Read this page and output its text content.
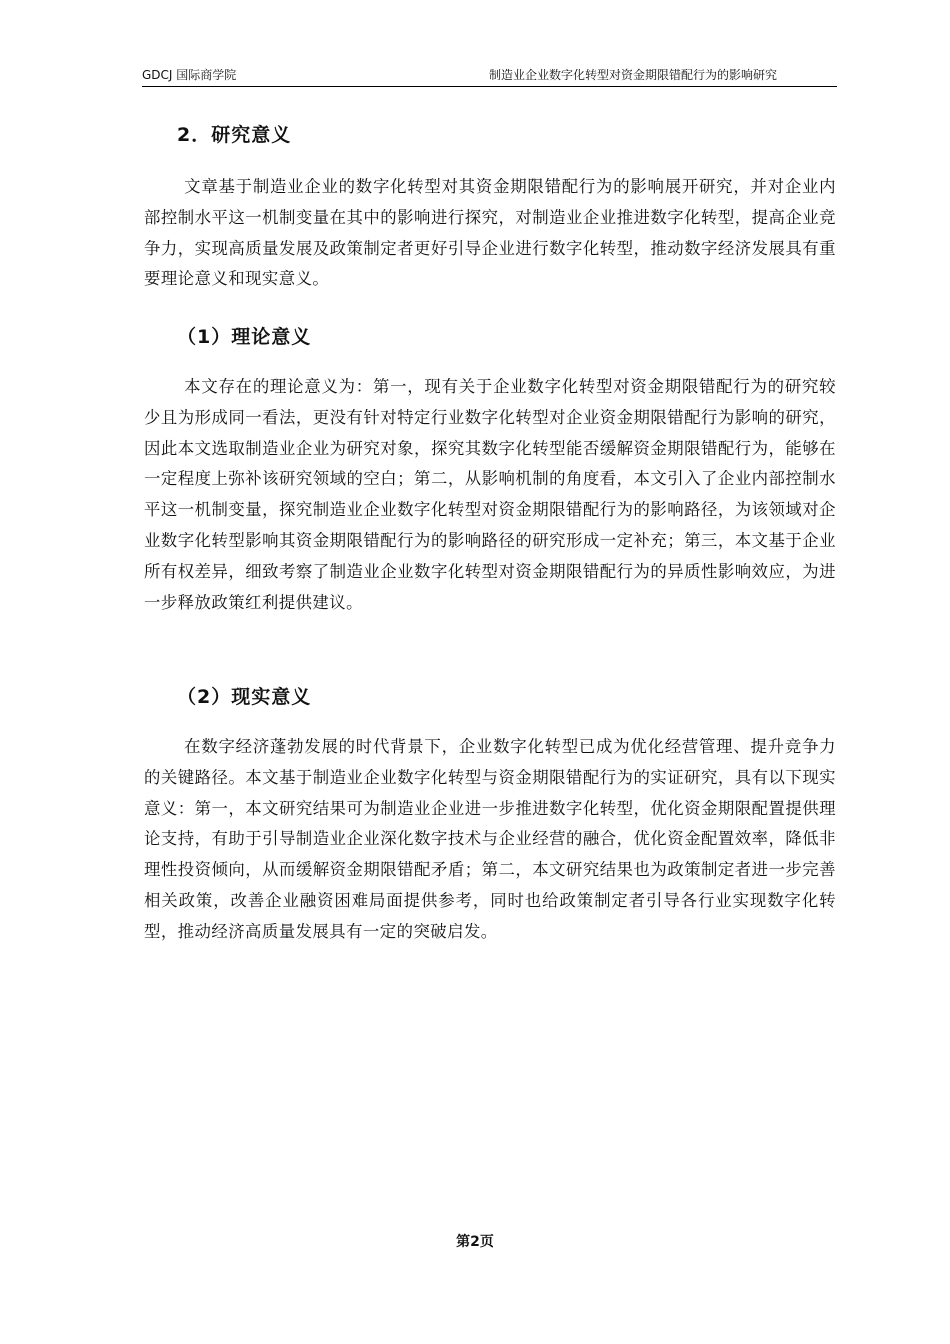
GDCJ 国际商学院	制造业企业数字化转型对资金期限错配行为的影响研究
2．研究意义

文章基于制造业企业的数字化转型对其资金期限错配行为的影响展开研究，并对企业内部控制水平这一机制变量在其中的影响进行探究，对制造业企业推进数字化转型，提高企业竞争力，实现高质量发展及政策制定者更好引导企业进行数字化转型，推动数字经济发展具有重要理论意义和现实意义。

（1）理论意义

本文存在的理论意义为：第一，现有关于企业数字化转型对资金期限错配行为的研究较少且为形成同一看法，更没有针对特定行业数字化转型对企业资金期限错配行为影响的研究，因此本文选取制造业企业为研究对象，探究其数字化转型能否缓解资金期限错配行为，能够在一定程度上弥补该研究领域的空白；第二，从影响机制的角度看，本文引入了企业内部控制水平这一机制变量，探究制造业企业数字化转型对资金期限错配行为的影响路径，为该领域对企业数字化转型影响其资金期限错配行为的影响路径的研究形成一定补充；第三，本文基于企业所有权差异，细致考察了制造业企业数字化转型对资金期限错配行为的异质性影响效应，为进一步释放政策红利提供建议。

（2）现实意义

在数字经济蓬勃发展的时代背景下，企业数字化转型已成为优化经营管理、提升竞争力的关键路径。本文基于制造业企业数字化转型与资金期限错配行为的实证研究，具有以下现实意义：第一，本文研究结果可为制造业企业进一步推进数字化转型，优化资金期限配置提供理论支持，有助于引导制造业企业深化数字技术与企业经营的融合，优化资金配置效率，降低非理性投资倾向，从而缓解资金期限错配矛盾；第二，本文研究结果也为政策制定者进一步完善相关政策，改善企业融资困难局面提供参考，同时也给政策制定者引导各行业实现数字化转型，推动经济高质量发展具有一定的突破启发。

第2页
